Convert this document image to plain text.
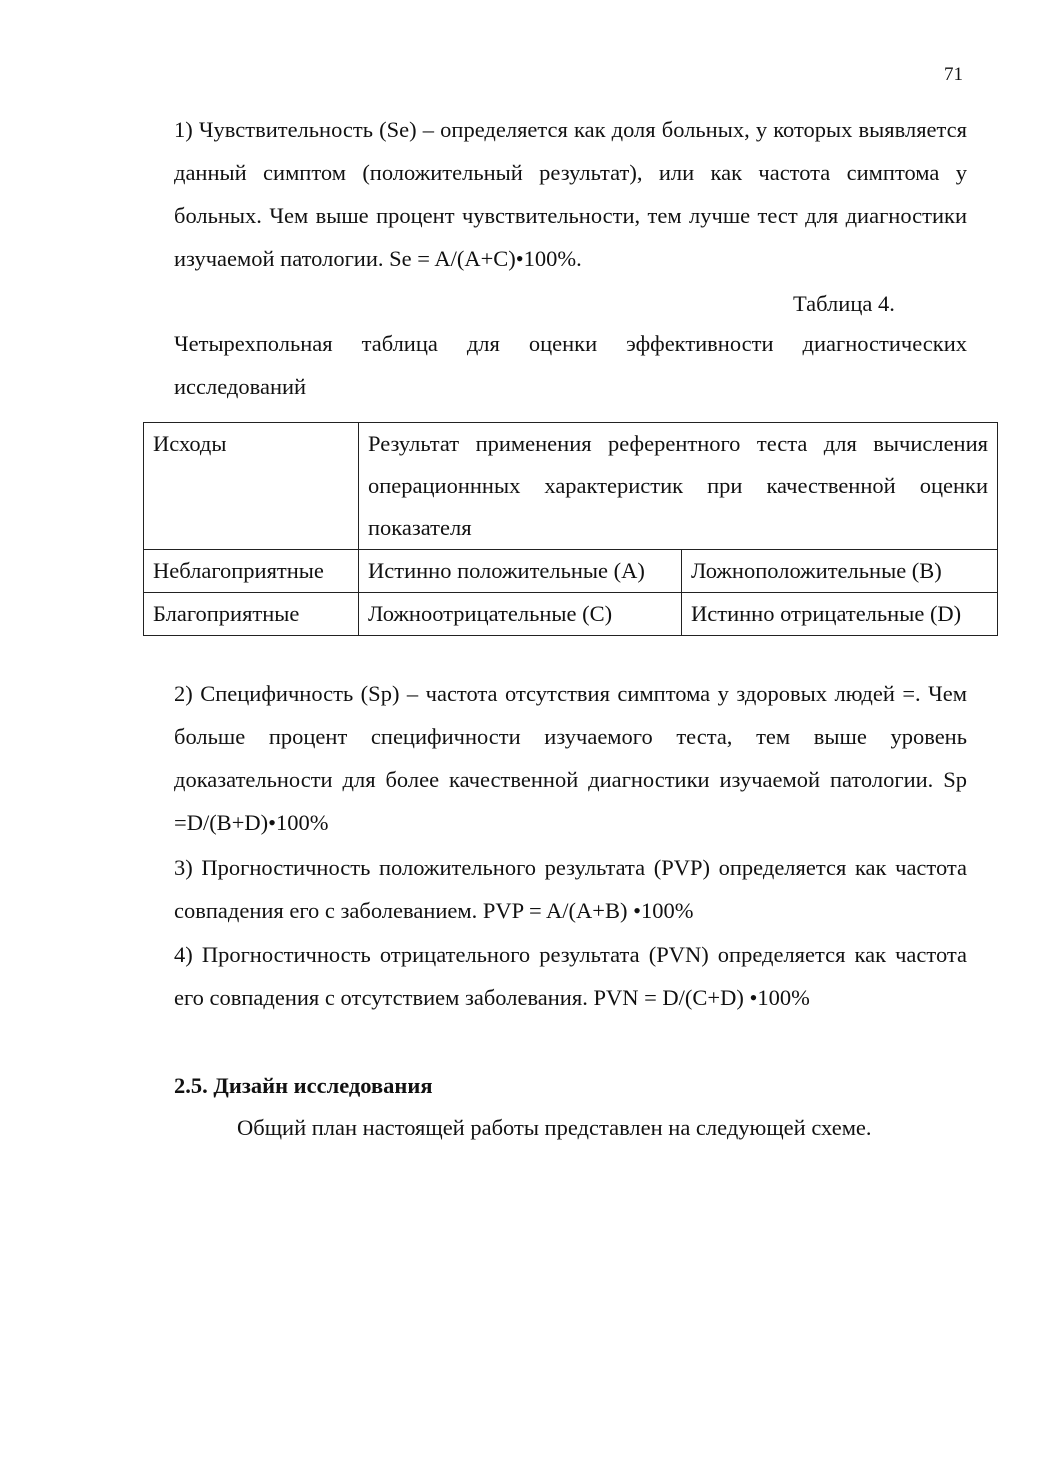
71
1) Чувствительность (Se) – определяется как доля больных, у которых выявляется данный симптом (положительный результат), или как частота симптома у больных. Чем выше процент чувствительности, тем лучше тест для диагностики изучаемой патологии. Se = A/(A+C)•100%.
Таблица 4.
Четырехпольная таблица для оценки эффективности диагностических исследований
Исходы	Результат применения референтного теста для вычисления операционнных характеристик при качественной оценки показателя	
Неблагоприятные	Истинно положительные (A)	Ложноположительные (B)
Благоприятные	Ложноотрицательные (C)	Истинно отрицательные (D)
2) Специфичность (Sp) – частота отсутствия симптома у здоровых людей =. Чем больше процент специфичности изучаемого теста, тем выше уровень доказательности для более качественной диагностики изучаемой патологии. Sp =D/(B+D)•100%
3) Прогностичность положительного результата (PVP) определяется как частота совпадения его с заболеванием. PVP = A/(A+B) •100%
4) Прогностичность отрицательного результата (PVN) определяется как частота его совпадения с отсутствием заболевания. PVN = D/(C+D) •100%
2.5. Дизайн исследования
Общий план настоящей работы представлен на следующей схеме.
